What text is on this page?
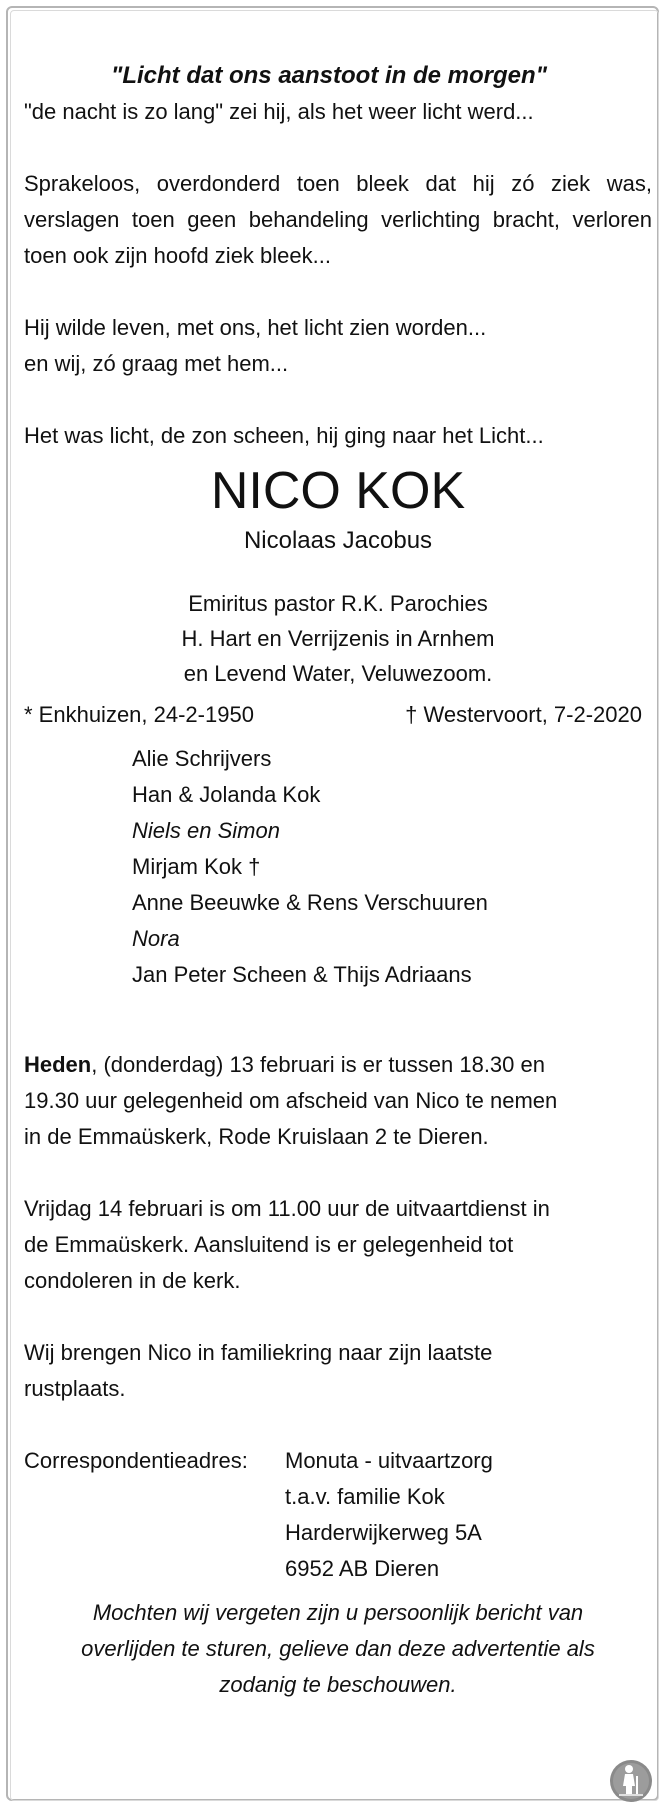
"Licht dat ons aanstoot in de morgen"

"de nacht is zo lang" zei hij, als het weer licht werd...

Sprakeloos, overdonderd toen bleek dat hij zó ziek was, verslagen toen geen behandeling verlichting bracht, verloren toen ook zijn hoofd ziek bleek...

Hij wilde leven, met ons, het licht zien worden...

en wij, zó graag met hem...

Het was licht, de zon scheen, hij ging naar het Licht...

NICO KOK
Nicolaas Jacobus
Emiritus pastor R.K. Parochies
H. Hart en Verrijzenis in Arnhem
en Levend Water, Veluwezoom.
* Enkhuizen, 24-2-1950	† Westervoort, 7-2-2020
Alie Schrijvers
Han & Jolanda Kok
Niels en Simon
Mirjam Kok †
Anne Beeuwke & Rens Verschuuren
Nora
Jan Peter Scheen & Thijs Adriaans
Heden, (donderdag) 13 februari is er tussen 18.30 en
19.30 uur gelegenheid om afscheid van Nico te nemen
in de Emmaüskerk, Rode Kruislaan 2 te Dieren.
Vrijdag 14 februari is om 11.00 uur de uitvaartdienst in
de Emmaüskerk. Aansluitend is er gelegenheid tot
condoleren in de kerk.
Wij brengen Nico in familiekring naar zijn laatste
rustplaats.
Correspondentieadres:	Monuta - uitvaartzorg
t.a.v. familie Kok
Harderwijkerweg 5A
6952 AB Dieren
Mochten wij vergeten zijn u persoonlijk bericht van
overlijden te sturen, gelieve dan deze advertentie als
zodanig te beschouwen.
